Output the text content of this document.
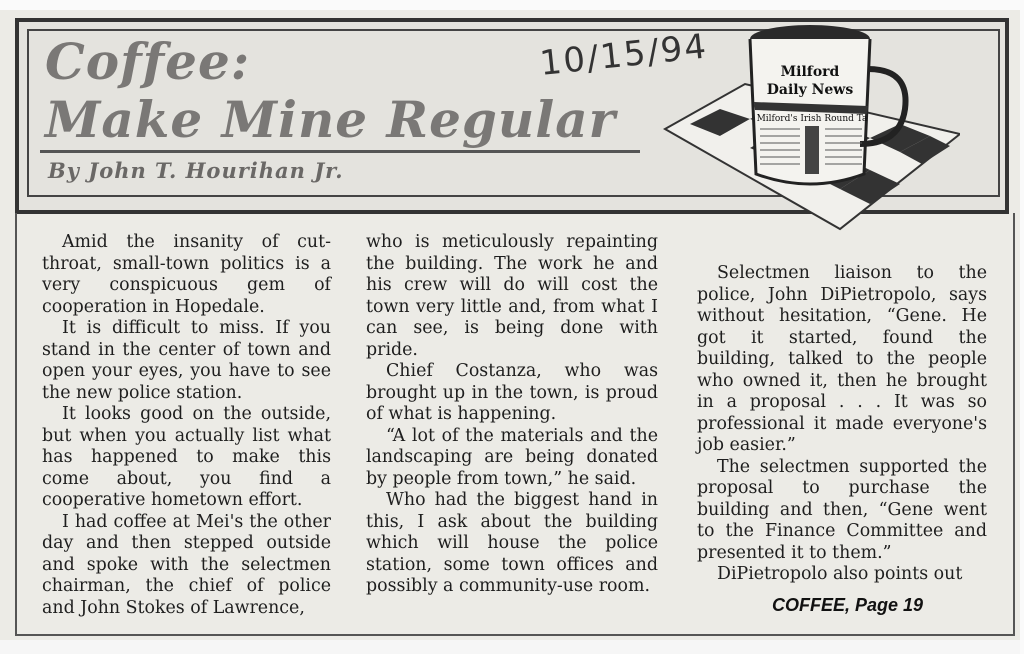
Coffee:
Make Mine Regular
By John T. Hourihan Jr.
10/15/94	Milford
Daily News
Milford's Irish Round Ta

Amid the insanity of cut-throat, small-town politics is a very conspicuous gem of cooperation in Hopedale.

It is difficult to miss. If you stand in the center of town and open your eyes, you have to see the new police station.

It looks good on the outside, but when you actually list what has happened to make this come about, you find a cooperative hometown effort.

I had coffee at Mei's the other day and then stepped outside and spoke with the selectmen chairman, the chief of police and John Stokes of Lawrence,

who is meticulously repainting the building. The work he and his crew will do will cost the town very little and, from what I can see, is being done with pride.

Chief Costanza, who was brought up in the town, is proud of what is happening.

“A lot of the materials and the landscaping are being donated by people from town,” he said.

Who had the biggest hand in this, I ask about the building which will house the police station, some town offices and possibly a community-use room.

Selectmen liaison to the police, John DiPietropolo, says without hesitation, “Gene. He got it started, found the building, talked to the people who owned it, then he brought in a proposal . . . It was so professional it made everyone's job easier.”

The selectmen supported the proposal to purchase the building and then, “Gene went to the Finance Committee and presented it to them.”

DiPietropolo also points out

COFFEE, Page 19
